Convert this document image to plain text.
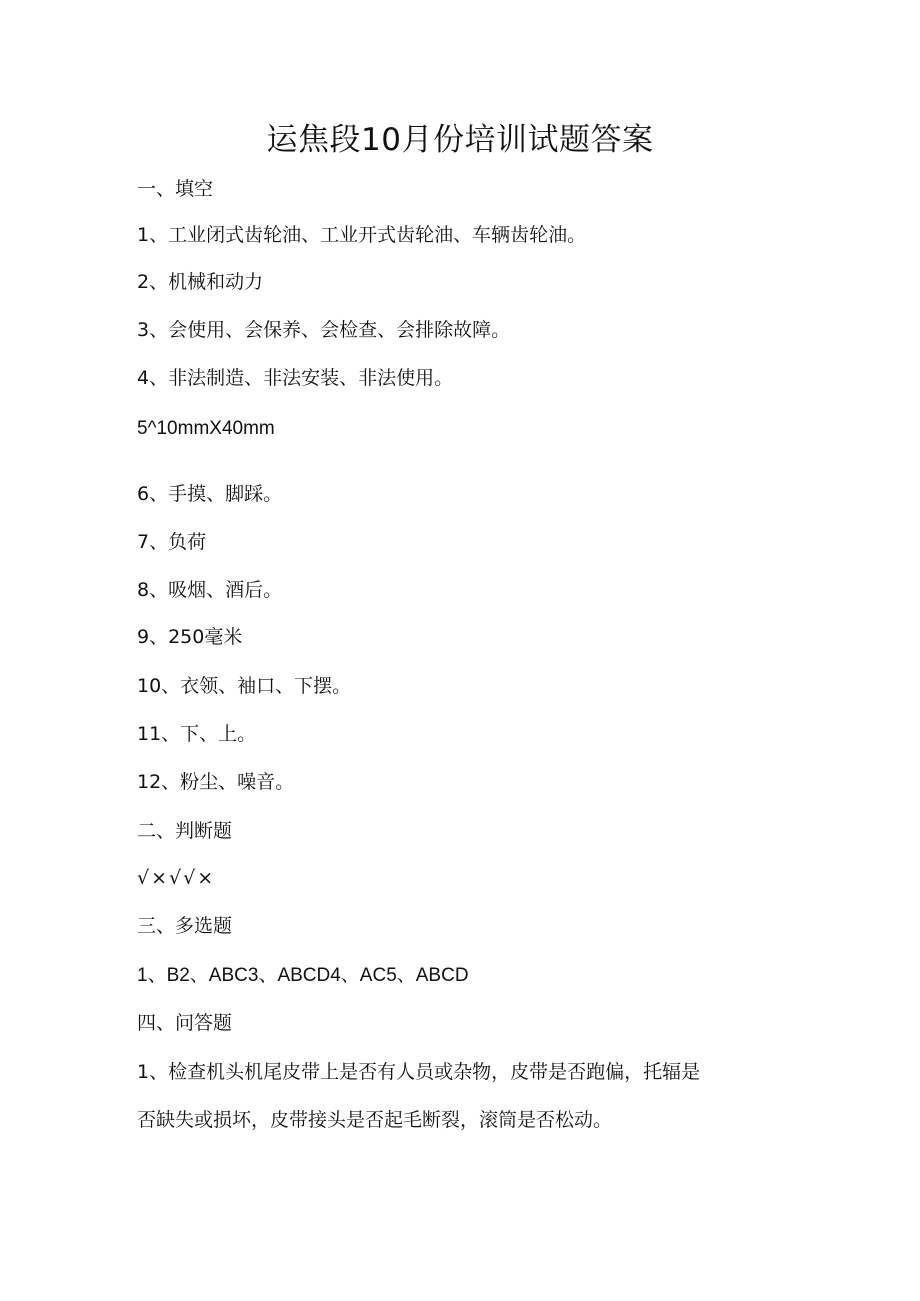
运焦段10月份培训试题答案
一、填空
1、工业闭式齿轮油、工业开式齿轮油、车辆齿轮油。
2、机械和动力
3、会使用、会保养、会检查、会排除故障。
4、非法制造、非法安装、非法使用。
5^10mmX40mm
6、手摸、脚踩。
7、负荷
8、吸烟、酒后。
9、250毫米
10、衣领、袖口、下摆。
11、下、上。
12、粉尘、噪音。
二、判断题
√×√√×
三、多选题
1、B2、ABC3、ABCD4、AC5、ABCD
四、问答题
1、检查机头机尾皮带上是否有人员或杂物，皮带是否跑偏，托辐是
否缺失或损坏，皮带接头是否起毛断裂，滚筒是否松动。
